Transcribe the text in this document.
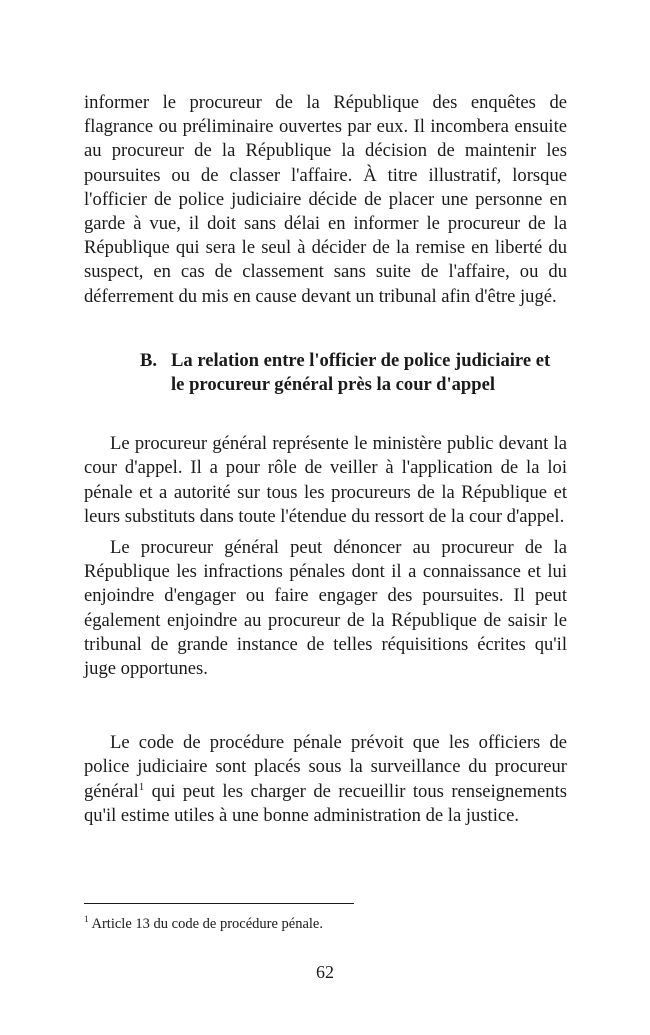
informer le procureur de la République des enquêtes de flagrance ou préliminaire ouvertes par eux. Il incombera ensuite au procureur de la République la décision de maintenir les poursuites ou de classer l'affaire. À titre illustratif, lorsque l'officier de police judiciaire décide de placer une personne en garde à vue, il doit sans délai en informer le procureur de la République qui sera le seul à décider de la remise en liberté du suspect, en cas de classement sans suite de l'affaire, ou du déferrement du mis en cause devant un tribunal afin d'être jugé.

B. La relation entre l'officier de police judiciaire et le procureur général près la cour d'appel

Le procureur général représente le ministère public devant la cour d'appel. Il a pour rôle de veiller à l'application de la loi pénale et a autorité sur tous les procureurs de la République et leurs substituts dans toute l'étendue du ressort de la cour d'appel.

Le procureur général peut dénoncer au procureur de la République les infractions pénales dont il a connaissance et lui enjoindre d'engager ou faire engager des poursuites. Il peut également enjoindre au procureur de la République de saisir le tribunal de grande instance de telles réquisitions écrites qu'il juge opportunes.

Le code de procédure pénale prévoit que les officiers de police judiciaire sont placés sous la surveillance du procureur général$^1$ qui peut les charger de recueillir tous renseignements qu'il estime utiles à une bonne administration de la justice.

$^1$ Article 13 du code de procédure pénale.
62
